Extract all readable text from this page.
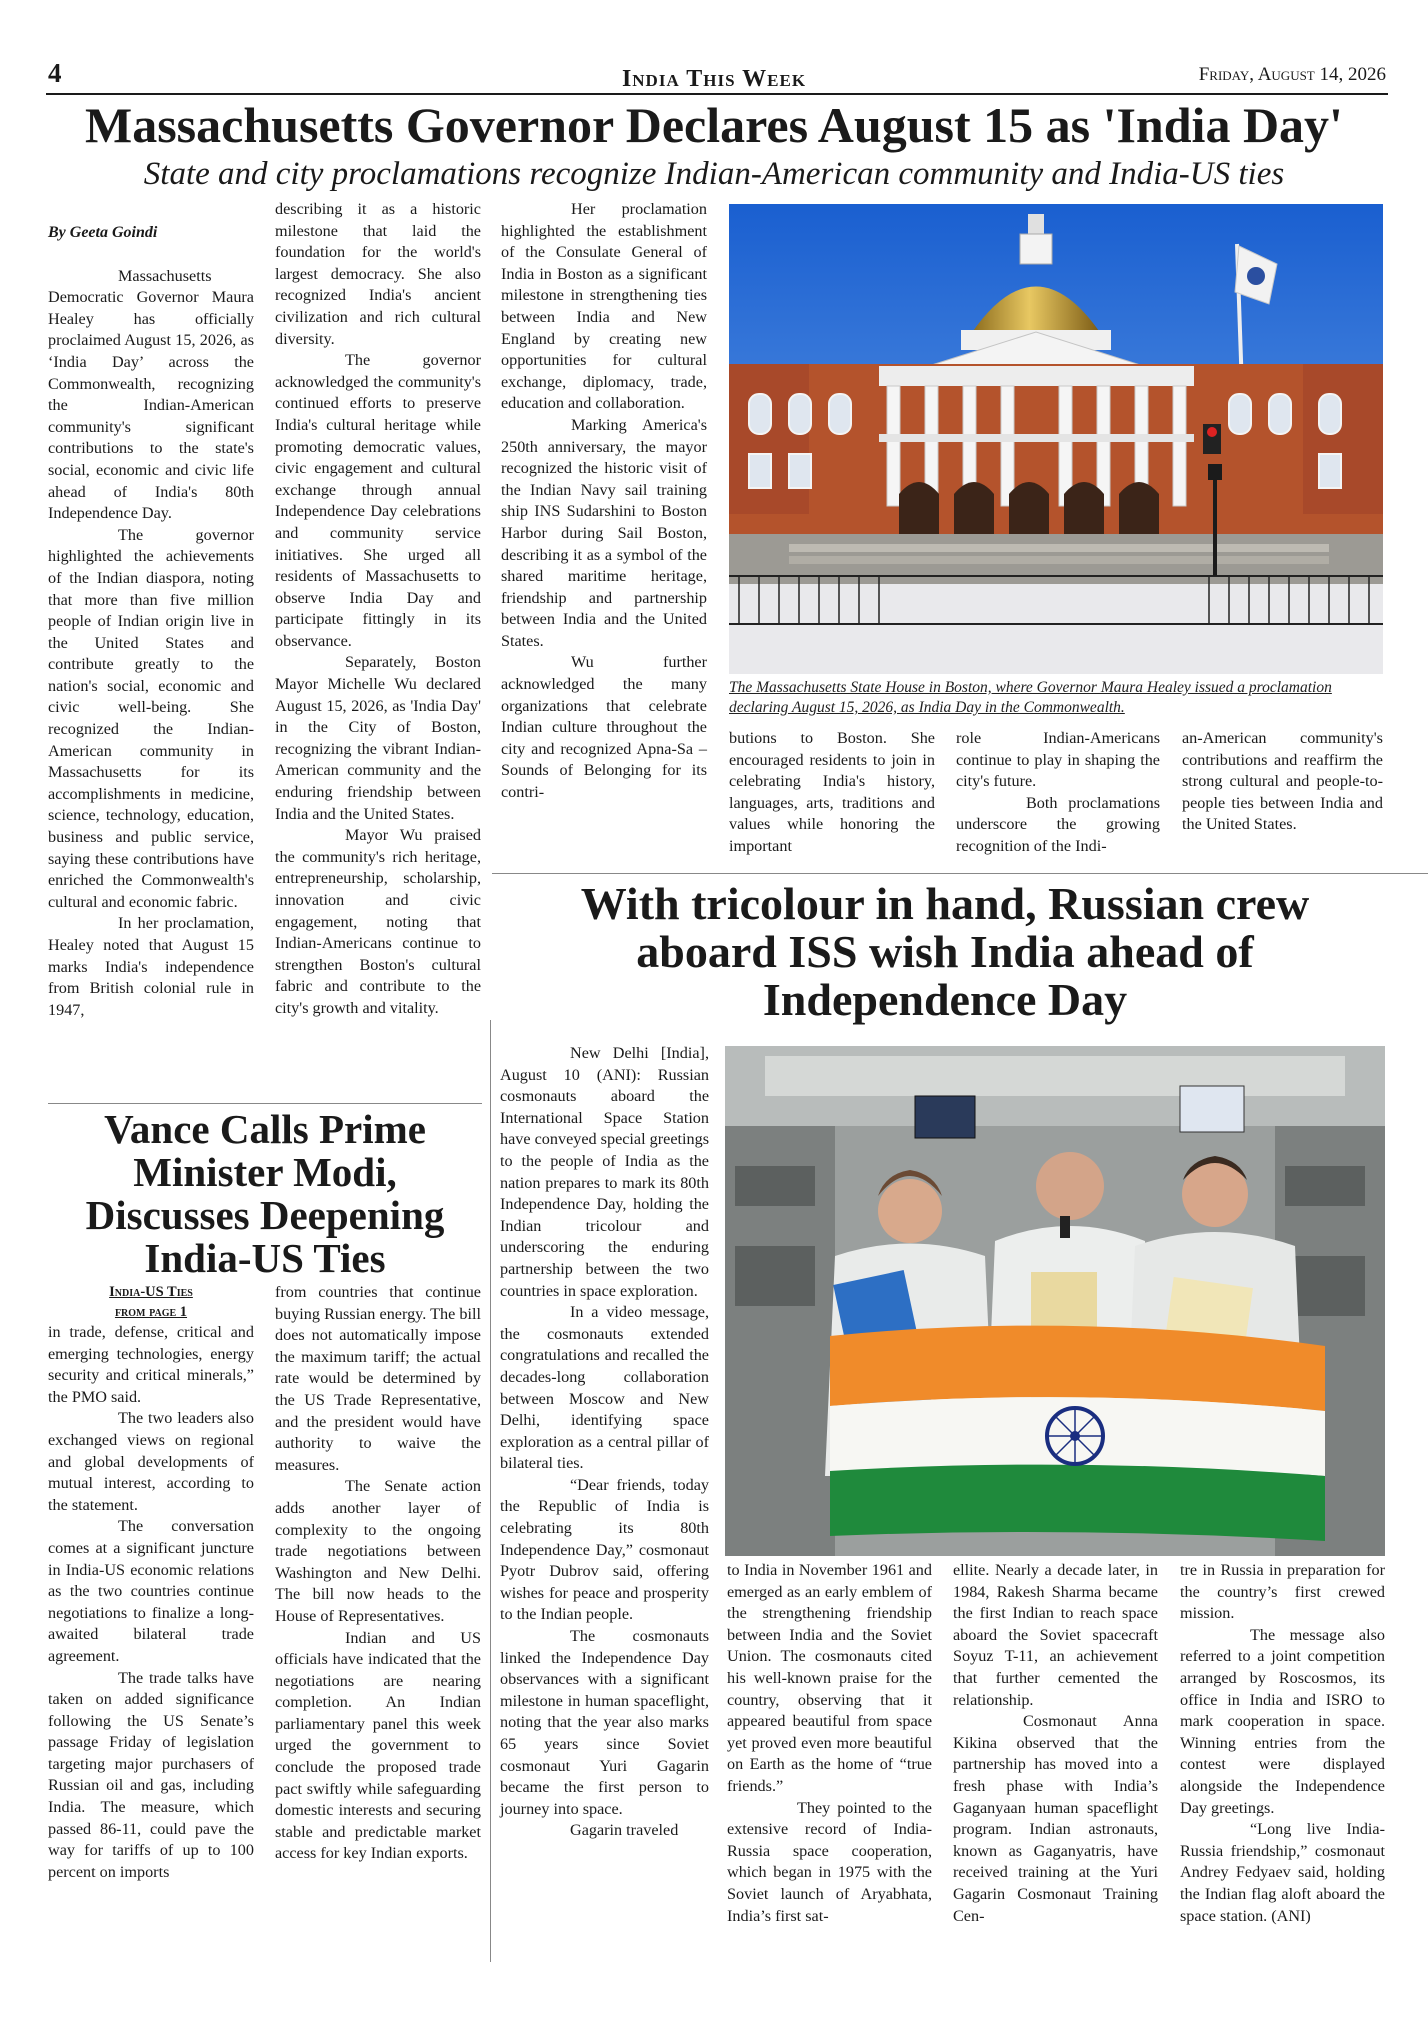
4	India This Week	Friday, August 14, 2026
Massachusetts Governor Declares August 15 as 'India Day'
State and city proclamations recognize Indian-American community and India-US ties
By Geeta Goindi

Massachusetts Democratic Governor Maura Healey has officially proclaimed August 15, 2026, as ‘India Day’ across the Commonwealth, recognizing the Indian-American community's significant contributions to the state's social, economic and civic life ahead of India's 80th Independence Day.

The governor highlighted the achievements of the Indian diaspora, noting that more than five million people of Indian origin live in the United States and contribute greatly to the nation's social, economic and civic well-being. She recognized the Indian-American community in Massachusetts for its accomplishments in medicine, science, technology, education, business and public service, saying these contributions have enriched the Commonwealth's cultural and economic fabric.

In her proclamation, Healey noted that August 15 marks India's independence from British colonial rule in 1947,

describing it as a historic milestone that laid the foundation for the world's largest democracy. She also recognized India's ancient civilization and rich cultural diversity.

The governor acknowledged the community's continued efforts to preserve India's cultural heritage while promoting democratic values, civic engagement and cultural exchange through annual Independence Day celebrations and community service initiatives. She urged all residents of Massachusetts to observe India Day and participate fittingly in its observance.

Separately, Boston Mayor Michelle Wu declared August 15, 2026, as 'India Day' in the City of Boston, recognizing the vibrant Indian-American community and the enduring friendship between India and the United States.

Mayor Wu praised the community's rich heritage, entrepreneurship, scholarship, innovation and civic engagement, noting that Indian-Americans continue to strengthen Boston's cultural fabric and contribute to the city's growth and vitality.

Her proclamation highlighted the establishment of the Consulate General of India in Boston as a significant milestone in strengthening ties between India and New England by creating new opportunities for cultural exchange, diplomacy, trade, education and collaboration.

Marking America's 250th anniversary, the mayor recognized the historic visit of the Indian Navy sail training ship INS Sudarshini to Boston Harbor during Sail Boston, describing it as a symbol of the shared maritime heritage, friendship and partnership between India and the United States.

Wu further acknowledged the many organizations that celebrate Indian culture throughout the city and recognized Apna-Sa – Sounds of Belonging for its contri-

The Massachusetts State House in Boston, where Governor Maura Healey issued a proclamation declaring August 15, 2026, as India Day in the Commonwealth.

butions to Boston. She encouraged residents to join in celebrating India's history, languages, arts, traditions and values while honoring the important

role Indian-Americans continue to play in shaping the city's future.

Both proclamations underscore the growing recognition of the Indi-

an-American community's contributions and reaffirm the strong cultural and people-to-people ties between India and the United States.

With tricolour in hand, Russian crew aboard ISS wish India ahead of Independence Day

New Delhi [India], August 10 (ANI): Russian cosmonauts aboard the International Space Station have conveyed special greetings to the people of India as the nation prepares to mark its 80th Independence Day, holding the Indian tricolour and underscoring the enduring partnership between the two countries in space exploration.

In a video message, the cosmonauts extended congratulations and recalled the decades-long collaboration between Moscow and New Delhi, identifying space exploration as a central pillar of bilateral ties.

“Dear friends, today the Republic of India is celebrating its 80th Independence Day,” cosmonaut Pyotr Dubrov said, offering wishes for peace and prosperity to the Indian people.

The cosmonauts linked the Independence Day observances with a significant milestone in human spaceflight, noting that the year also marks 65 years since Soviet cosmonaut Yuri Gagarin became the first person to journey into space.

Gagarin traveled

to India in November 1961 and emerged as an early emblem of the strengthening friendship between India and the Soviet Union. The cosmonauts cited his well-known praise for the country, observing that it appeared beautiful from space yet proved even more beautiful on Earth as the home of “true friends.”

They pointed to the extensive record of India-Russia space cooperation, which began in 1975 with the Soviet launch of Aryabhata, India’s first sat-

ellite. Nearly a decade later, in 1984, Rakesh Sharma became the first Indian to reach space aboard the Soviet spacecraft Soyuz T-11, an achievement that further cemented the relationship.

Cosmonaut Anna Kikina observed that the partnership has moved into a fresh phase with India’s Gaganyaan human spaceflight program. Indian astronauts, known as Gaganyatris, have received training at the Yuri Gagarin Cosmonaut Training Cen-

tre in Russia in preparation for the country’s first crewed mission.

The message also referred to a joint competition arranged by Roscosmos, its office in India and ISRO to mark cooperation in space. Winning entries from the contest were displayed alongside the Independence Day greetings.

“Long live India-Russia friendship,” cosmonaut Andrey Fedyaev said, holding the Indian flag aloft aboard the space station. (ANI)

Vance Calls Prime Minister Modi, Discusses Deepening India-US Ties
India-US Ties
from page 1

in trade, defense, critical and emerging technologies, energy security and critical minerals,” the PMO said.

The two leaders also exchanged views on regional and global developments of mutual interest, according to the statement.

The conversation comes at a significant juncture in India-US economic relations as the two countries continue negotiations to finalize a long-awaited bilateral trade agreement.

The trade talks have taken on added significance following the US Senate’s passage Friday of legislation targeting major purchasers of Russian oil and gas, including India. The measure, which passed 86-11, could pave the way for tariffs of up to 100 percent on imports

from countries that continue buying Russian energy. The bill does not automatically impose the maximum tariff; the actual rate would be determined by the US Trade Representative, and the president would have authority to waive the measures.

The Senate action adds another layer of complexity to the ongoing trade negotiations between Washington and New Delhi. The bill now heads to the House of Representatives.

Indian and US officials have indicated that the negotiations are nearing completion. An Indian parliamentary panel this week urged the government to conclude the proposed trade pact swiftly while safeguarding domestic interests and securing stable and predictable market access for key Indian exports.
